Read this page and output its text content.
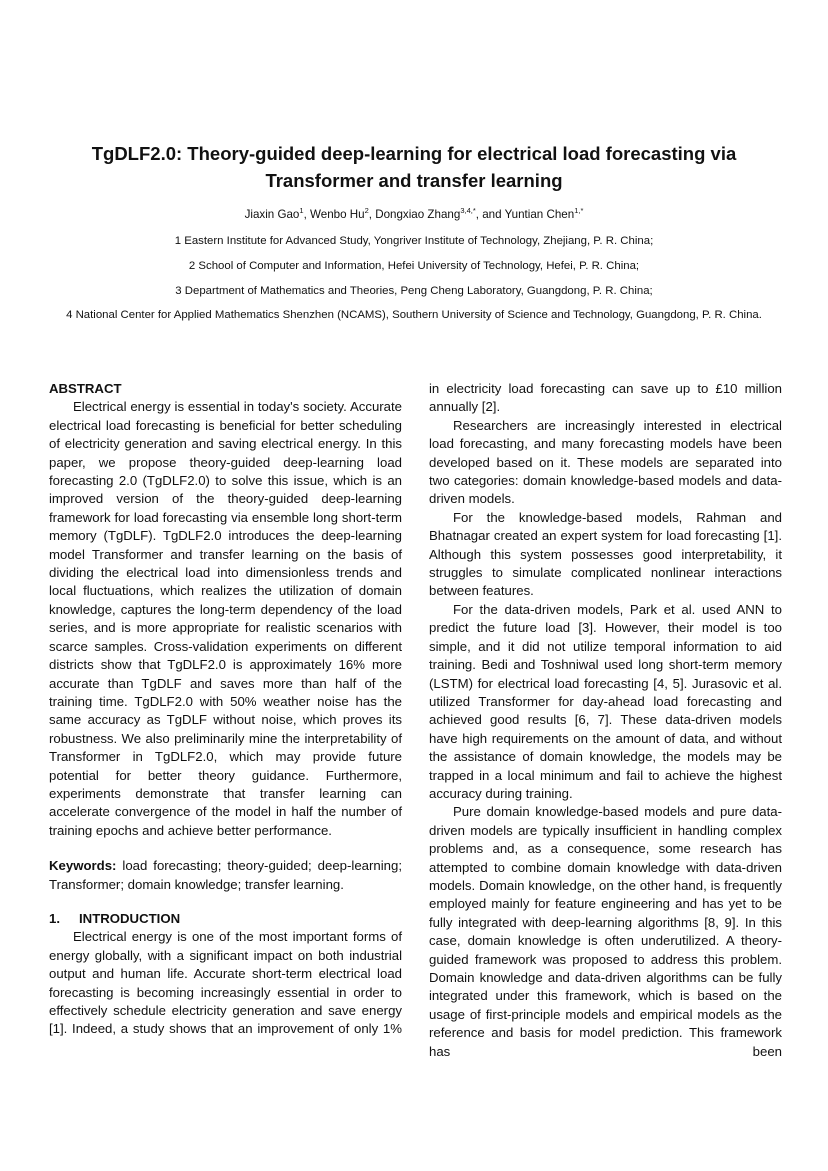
TgDLF2.0: Theory-guided deep-learning for electrical load forecasting via Transformer and transfer learning
Jiaxin Gao$^1$, Wenbo Hu$^2$, Dongxiao Zhang$^{3,4,*}$, and Yuntian Chen$^{1,*}$
1 Eastern Institute for Advanced Study, Yongriver Institute of Technology, Zhejiang, P. R. China;
2 School of Computer and Information, Hefei University of Technology, Hefei, P. R. China;
3 Department of Mathematics and Theories, Peng Cheng Laboratory, Guangdong, P. R. China;
4 National Center for Applied Mathematics Shenzhen (NCAMS), Southern University of Science and Technology, Guangdong, P. R. China.

ABSTRACT

Electrical energy is essential in today's society. Accurate electrical load forecasting is beneficial for better scheduling of electricity generation and saving electrical energy. In this paper, we propose theory-guided deep-learning load forecasting 2.0 (TgDLF2.0) to solve this issue, which is an improved version of the theory-guided deep-learning framework for load forecasting via ensemble long short-term memory (TgDLF). TgDLF2.0 introduces the deep-learning model Transformer and transfer learning on the basis of dividing the electrical load into dimensionless trends and local fluctuations, which realizes the utilization of domain knowledge, captures the long-term dependency of the load series, and is more appropriate for realistic scenarios with scarce samples. Cross-validation experiments on different districts show that TgDLF2.0 is approximately 16% more accurate than TgDLF and saves more than half of the training time. TgDLF2.0 with 50% weather noise has the same accuracy as TgDLF without noise, which proves its robustness. We also preliminarily mine the interpretability of Transformer in TgDLF2.0, which may provide future potential for better theory guidance. Furthermore, experiments demonstrate that transfer learning can accelerate convergence of the model in half the number of training epochs and achieve better performance.

Keywords: load forecasting; theory-guided; deep-learning; Transformer; domain knowledge; transfer learning.

1.	INTRODUCTION

Electrical energy is one of the most important forms of energy globally, with a significant impact on both industrial output and human life. Accurate short-term electrical load forecasting is becoming increasingly essential in order to effectively schedule electricity generation and save energy [1]. Indeed, a study shows that an improvement of only 1%

in electricity load forecasting can save up to £10 million annually [2].

Researchers are increasingly interested in electrical load forecasting, and many forecasting models have been developed based on it. These models are separated into two categories: domain knowledge-based models and data-driven models.

For the knowledge-based models, Rahman and Bhatnagar created an expert system for load forecasting [1]. Although this system possesses good interpretability, it struggles to simulate complicated nonlinear interactions between features.

For the data-driven models, Park et al. used ANN to predict the future load [3]. However, their model is too simple, and it did not utilize temporal information to aid training. Bedi and Toshniwal used long short-term memory (LSTM) for electrical load forecasting [4, 5]. Jurasovic et al. utilized Transformer for day-ahead load forecasting and achieved good results [6, 7]. These data-driven models have high requirements on the amount of data, and without the assistance of domain knowledge, the models may be trapped in a local minimum and fail to achieve the highest accuracy during training.

Pure domain knowledge-based models and pure data-driven models are typically insufficient in handling complex problems and, as a consequence, some research has attempted to combine domain knowledge with data-driven models. Domain knowledge, on the other hand, is frequently employed mainly for feature engineering and has yet to be fully integrated with deep-learning algorithms [8, 9]. In this case, domain knowledge is often underutilized. A theory-guided framework was proposed to address this problem. Domain knowledge and data-driven algorithms can be fully integrated under this framework, which is based on the usage of first-principle models and empirical models as the reference and basis for model prediction. This framework has been
